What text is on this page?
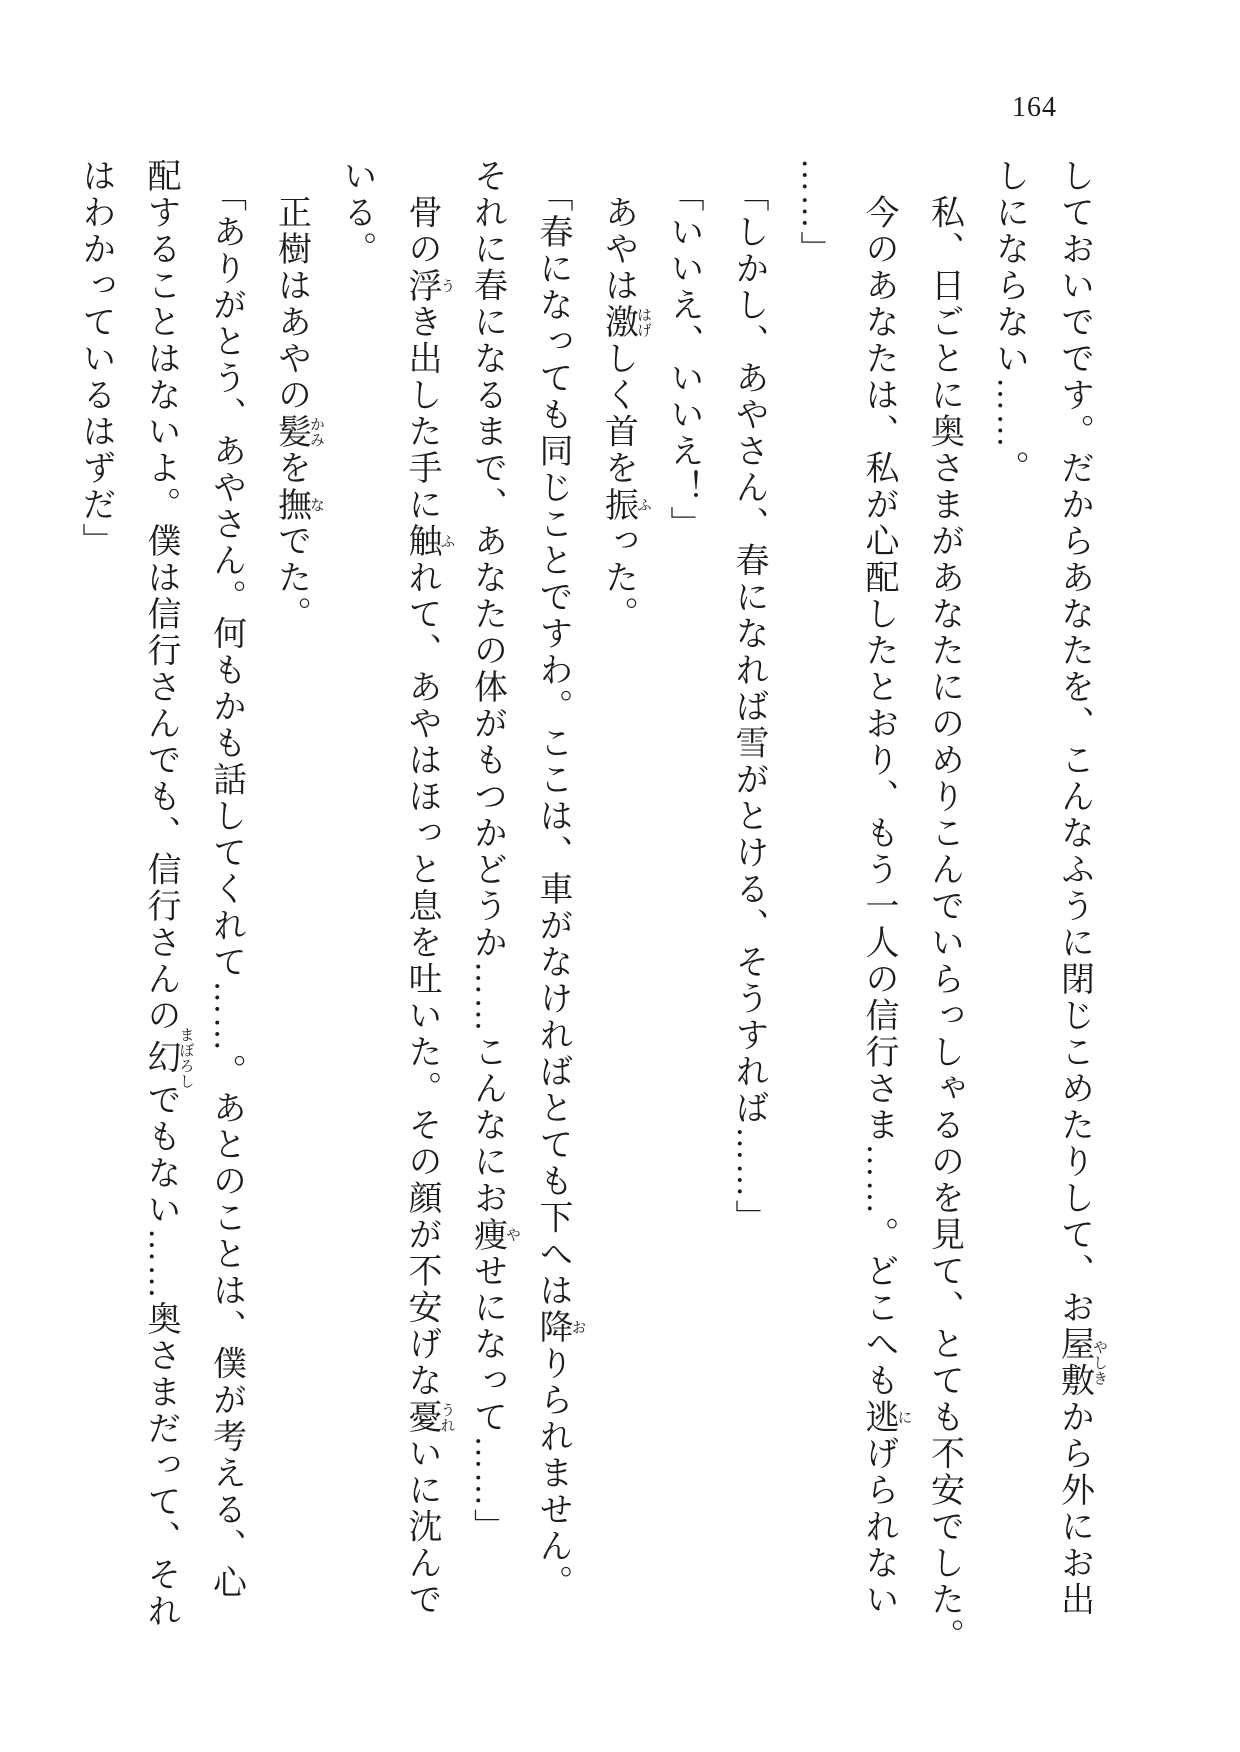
164
しておいでです。だからあなたを、こんなふうに閉じこめたりして、お屋敷やしきから外にお出
しにならない……。
　私、日ごとに奥さまがあなたにのめりこんでいらっしゃるのを見て、とても不安でした。
　今のあなたは、私が心配したとおり、もう一人の信行さま……。どこへも逃にげられない
……」
　「しかし、あやさん、春になれば雪がとける、そうすれば……」
　「いいえ、いいえ！」
　あやは激はげしく首を振ふった。
　「春になっても同じことですわ。ここは、車がなければとても下へは降おりられません。
それに春になるまで、あなたの体がもつかどうか……こんなにお痩やせになって……」
　骨の浮うき出した手に触ふれて、あやはほっと息を吐いた。その顔が不安げな憂うれいに沈んで
いる。
　正樹はあやの髪かみを撫なでた。
　「ありがとう、あやさん。何もかも話してくれて……。あとのことは、僕が考える、心
配することはないよ。僕は信行さんでも、信行さんの幻まぼろしでもない……奥さまだって、それ
はわかっているはずだ」
